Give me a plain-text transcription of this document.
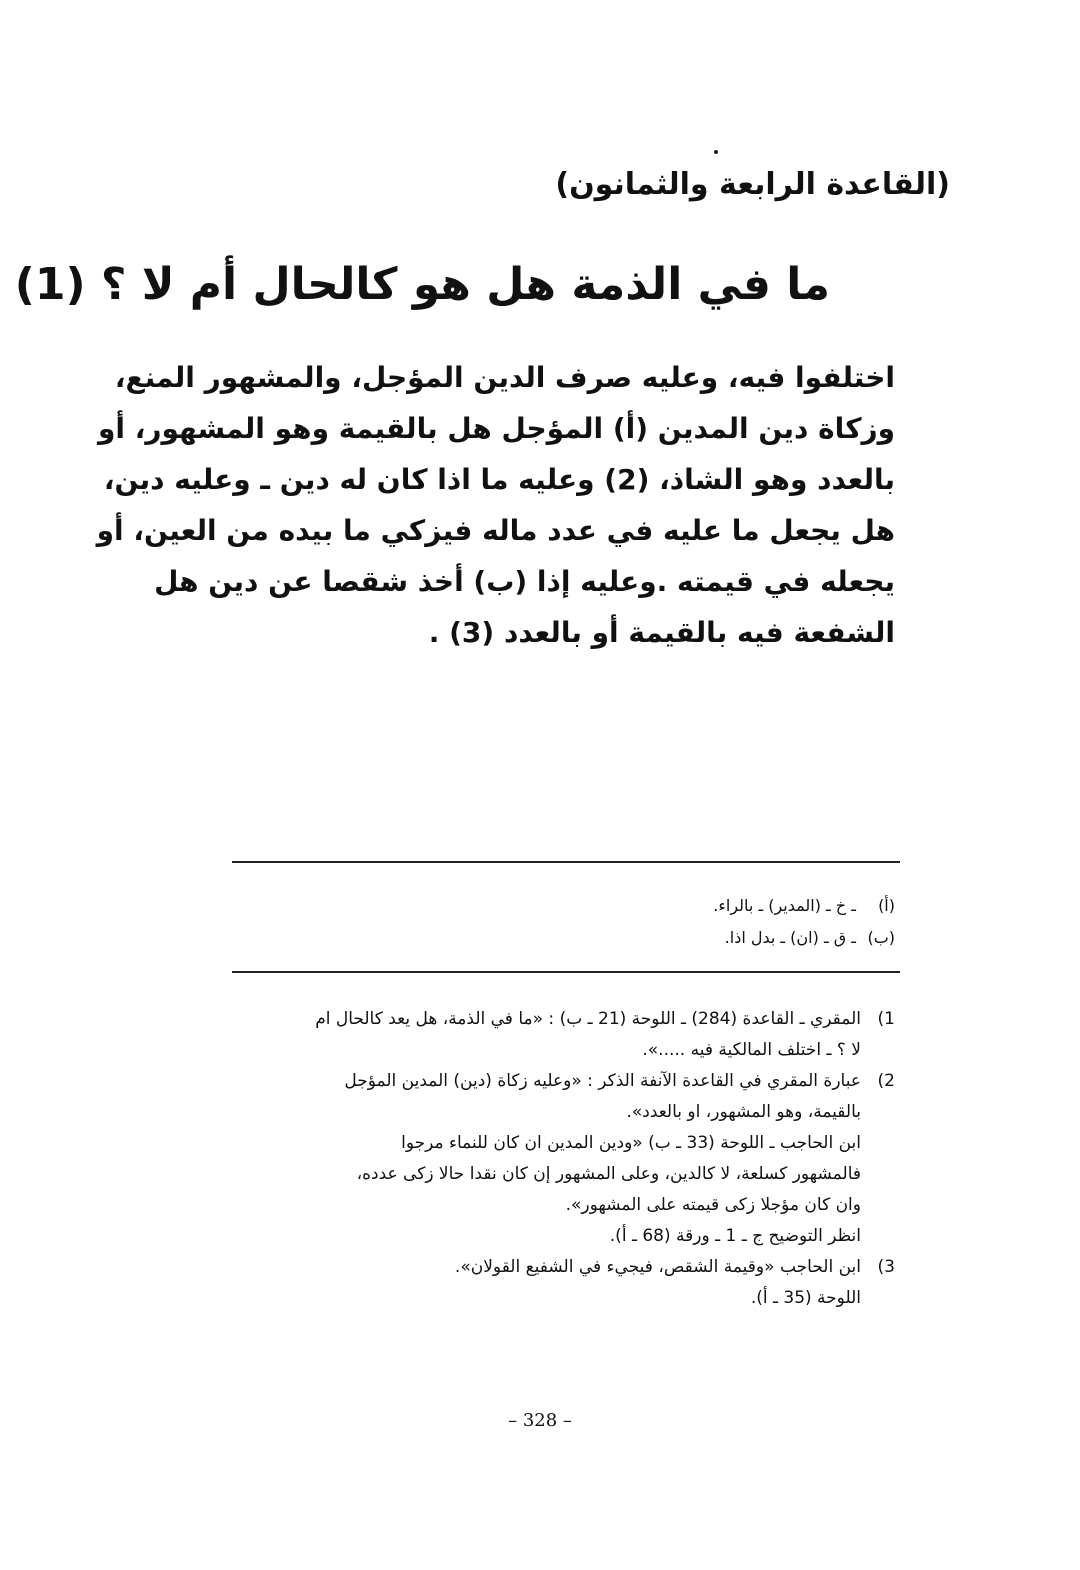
(القاعدة الرابعة والثمانون)
ما في الذمة هل هو كالحال أم لا ؟ (1)

اختلفوا فيه، وعليه صرف الدين المؤجل، والمشهور المنع،

وزكاة دين المدين (أ) المؤجل هل بالقيمة وهو المشهور، أو

بالعدد وهو الشاذ، (2) وعليه ما اذا كان له دين ـ وعليه دين،

هل يجعل ما عليه في عدد ماله فيزكي ما بيده من العين، أو

يجعله في قيمته .وعليه إذا (ب) أخذ شقصا عن دين هل

الشفعة فيه بالقيمة أو بالعدد (3) .

(أ) ـ خ ـ (المدير) ـ بالراء.
(ب) ـ ق ـ (ان) ـ بدل اذا.
1)
المقري ـ القاعدة (284) ـ اللوحة (21 ـ ب) : «ما في الذمة، هل يعد كالحال ام
لا ؟ ـ اختلف المالكية فيه .....».
2)
عبارة المقري في القاعدة الآنفة الذكر : «وعليه زكاة (دين) المدين المؤجل
بالقيمة، وهو المشهور، او بالعدد».
ابن الحاجب ـ اللوحة (33 ـ ب) «ودين المدين ان كان للنماء مرجوا
فالمشهور كسلعة، لا كالدين، وعلى المشهور إن كان نقدا حالا زكى عدده،
وان كان مؤجلا زكى قيمته على المشهور».
انظر التوضيح ج ـ 1 ـ ورقة (68 ـ أ).
3)
ابن الحاجب «وقيمة الشقص، فيجيء في الشفيع القولان».
اللوحة (35 ـ أ).
– 328 –
